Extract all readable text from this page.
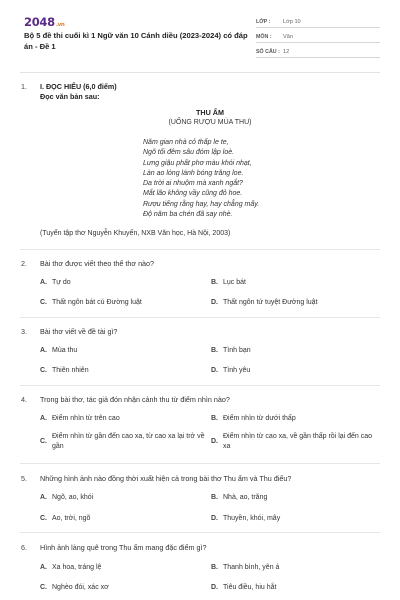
2048.vn
Bộ 5 đề thi cuối kì 1 Ngữ văn 10 Cánh diều (2023-2024) có đáp án - Đề 1
LỚP :	Lớp 10
MÔN :	Văn
SỐ CÂU : 12
1. I. ĐỌC HIỂU (6,0 điểm)
Đọc văn bản sau:
THU ẨM
(UỐNG RƯỢU MÙA THU)
Năm gian nhà cỏ thấp le te,
Ngõ tối đêm sâu đóm lập loè.
Lưng giậu phất phơ màu khói nhạt,
Làn ao lóng lánh bóng trăng loe.
Da trời ai nhuộm mà xanh ngắt?
Mắt lão không vầy cũng đỏ hoe.
Rượu tiếng rằng hay, hay chẳng mấy.
Độ năm ba chén đã say nhè.
(Tuyển tập thơ Nguyễn Khuyến, NXB Văn học, Hà Nội, 2003)
2. Bài thơ được viết theo thể thơ nào?
A. Tự do	B. Lục bát
C. Thất ngôn bát cú Đường luật	D. Thất ngôn tứ tuyệt Đường luật
3. Bài thơ viết về đề tài gì?
A. Mùa thu	B. Tình bạn
C. Thiên nhiên	D. Tình yêu
4. Trong bài thơ, tác giả đón nhận cảnh thu từ điểm nhìn nào?
A. Điểm nhìn từ trên cao	B. Điểm nhìn từ dưới thấp
C.
Điểm nhìn từ gần đến cao xa, từ cao xa lại trở về gần
D.
Điểm nhìn từ cao xa, về gần thấp rồi lại đến cao xa
5. Những hình ảnh nào đồng thời xuất hiện cả trong bài thơ Thu ẩm và Thu điếu?
A. Ngõ, ao, khói	B. Nhà, ao, trăng
C. Ao, trời, ngõ	D. Thuyền, khói, mây
6. Hình ảnh làng quê trong Thu ẩm mang đặc điểm gì?
A. Xa hoa, tráng lệ	B. Thanh bình, yên ả
C. Nghèo đói, xác xơ	D. Tiêu điều, hiu hắt
